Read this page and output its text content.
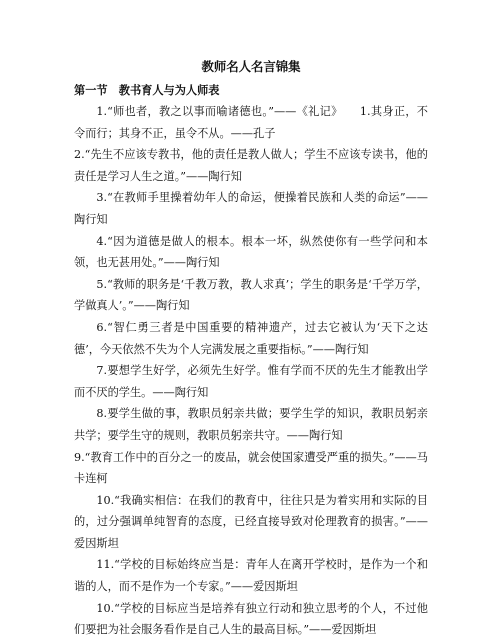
教师名人名言锦集
第一节　教书育人与为人师表

1.“师也者，教之以事而喻诸德也。”——《礼记》　　1.其身正，不令而行；其身不正，虽令不从。——孔子

2.“先生不应该专教书，他的责任是教人做人；学生不应该专读书，他的责任是学习人生之道。”——陶行知

3.“在教师手里操着幼年人的命运，便操着民族和人类的命运”——陶行知

4.“因为道德是做人的根本。根本一坏，纵然使你有一些学问和本领，也无甚用处。”——陶行知

5.“教师的职务是‘千教万教，教人求真’；学生的职务是‘千学万学，学做真人’。”——陶行知

6.“智仁勇三者是中国重要的精神遗产，过去它被认为‘天下之达德’，今天依然不失为个人完满发展之重要指标。”——陶行知

7.要想学生好学，必须先生好学。惟有学而不厌的先生才能教出学而不厌的学生。——陶行知

8.要学生做的事，教职员躬亲共做；要学生学的知识，教职员躬亲共学；要学生守的规则，教职员躬亲共守。——陶行知

9.“教育工作中的百分之一的废品，就会使国家遭受严重的损失。”——马卡连柯

10.“我确实相信：在我们的教育中，往往只是为着实用和实际的目的，过分强调单纯智育的态度，已经直接导致对伦理教育的损害。”——爱因斯坦

11.“学校的目标始终应当是：青年人在离开学校时，是作为一个和谐的人，而不是作为一个专家。”——爱因斯坦

10.“学校的目标应当是培养有独立行动和独立思考的个人，不过他们要把为社会服务看作是自己人生的最高目标。”——爱因斯坦
